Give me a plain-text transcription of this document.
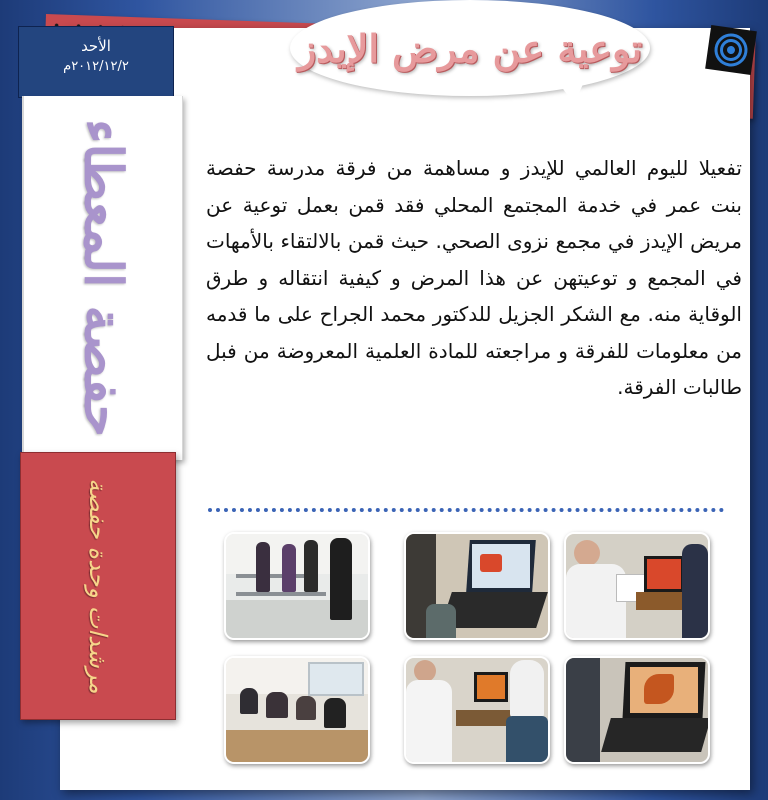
توعية عن مرض الإيدز
الأحد
٢٠١٢/١٢/٢م
حفصة المعطاء
مرشدات وحدة حفصة
تفعيلا لليوم العالمي للإيدز و مساهمة من فرقة مدرسة حفصة بنت عمر في خدمة المجتمع المحلي فقد قمن بعمل توعية عن مريض الإيدز في مجمع نزوى الصحي. حيث قمن بالالتقاء بالأمهات في المجمع و توعيتهن عن هذا المرض و كيفية انتقاله و طرق الوقاية منه. مع الشكر الجزيل للدكتور محمد الجراح على ما قدمه من معلومات للفرقة و مراجعته للمادة العلمية المعروضة من فبل طالبات الفرقة.
